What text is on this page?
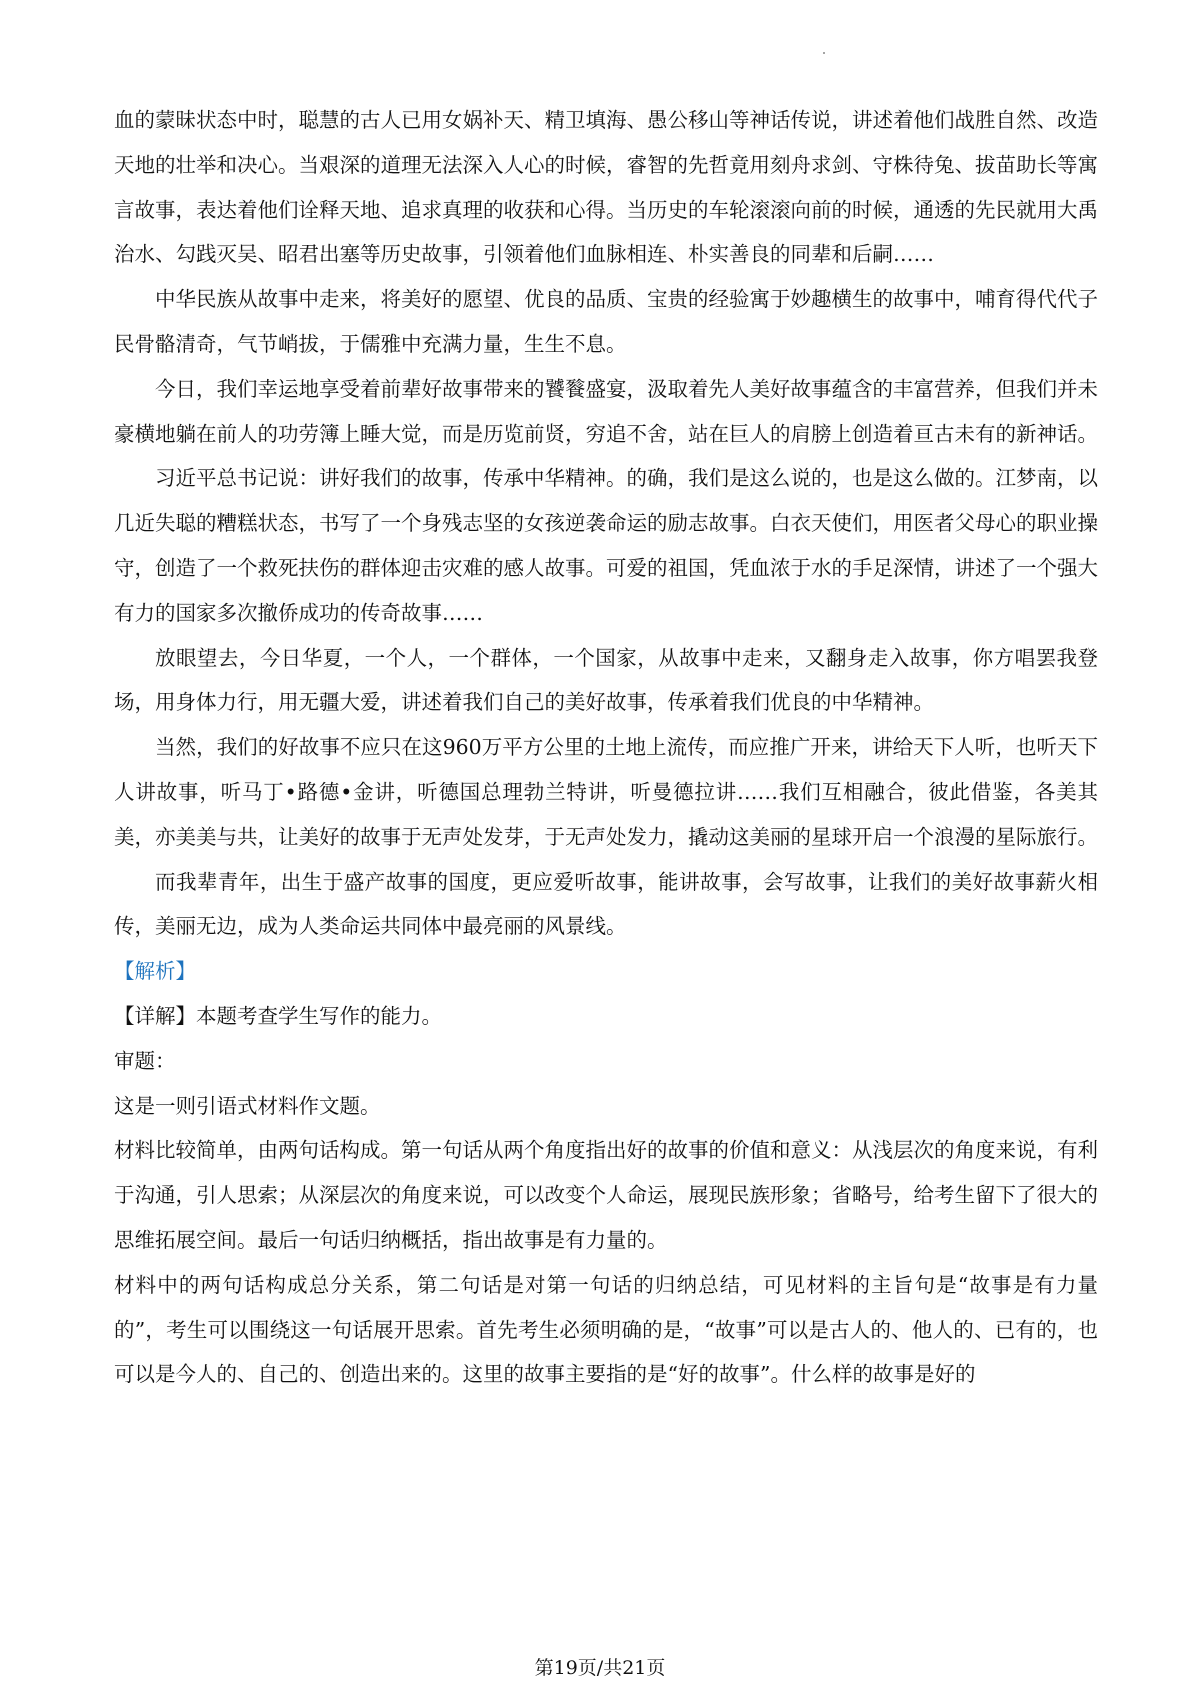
血的蒙昧状态中时，聪慧的古人已用女娲补天、精卫填海、愚公移山等神话传说，讲述着他们战胜自然、改造天地的壮举和决心。当艰深的道理无法深入人心的时候，睿智的先哲竟用刻舟求剑、守株待兔、拔苗助长等寓言故事，表达着他们诠释天地、追求真理的收获和心得。当历史的车轮滚滚向前的时候，通透的先民就用大禹治水、勾践灭吴、昭君出塞等历史故事，引领着他们血脉相连、朴实善良的同辈和后嗣……

中华民族从故事中走来，将美好的愿望、优良的品质、宝贵的经验寓于妙趣横生的故事中，哺育得代代子民骨骼清奇，气节峭拔，于儒雅中充满力量，生生不息。

今日，我们幸运地享受着前辈好故事带来的饕餮盛宴，汲取着先人美好故事蕴含的丰富营养，但我们并未豪横地躺在前人的功劳簿上睡大觉，而是历览前贤，穷追不舍，站在巨人的肩膀上创造着亘古未有的新神话。

习近平总书记说：讲好我们的故事，传承中华精神。的确，我们是这么说的，也是这么做的。江梦南，以几近失聪的糟糕状态，书写了一个身残志坚的女孩逆袭命运的励志故事。白衣天使们，用医者父母心的职业操守，创造了一个救死扶伤的群体迎击灾难的感人故事。可爱的祖国，凭血浓于水的手足深情，讲述了一个强大有力的国家多次撤侨成功的传奇故事……

放眼望去，今日华夏，一个人，一个群体，一个国家，从故事中走来，又翻身走入故事，你方唱罢我登场，用身体力行，用无疆大爱，讲述着我们自己的美好故事，传承着我们优良的中华精神。

当然，我们的好故事不应只在这960万平方公里的土地上流传，而应推广开来，讲给天下人听，也听天下人讲故事，听马丁•路德•金讲，听德国总理勃兰特讲，听曼德拉讲……我们互相融合，彼此借鉴，各美其美，亦美美与共，让美好的故事于无声处发芽，于无声处发力，撬动这美丽的星球开启一个浪漫的星际旅行。

而我辈青年，出生于盛产故事的国度，更应爱听故事，能讲故事，会写故事，让我们的美好故事薪火相传，美丽无边，成为人类命运共同体中最亮丽的风景线。

【解析】

【详解】本题考查学生写作的能力。

审题：

这是一则引语式材料作文题。

材料比较简单，由两句话构成。第一句话从两个角度指出好的故事的价值和意义：从浅层次的角度来说，有利于沟通，引人思索；从深层次的角度来说，可以改变个人命运，展现民族形象；省略号，给考生留下了很大的思维拓展空间。最后一句话归纳概括，指出故事是有力量的。

材料中的两句话构成总分关系，第二句话是对第一句话的归纳总结，可见材料的主旨句是“故事是有力量的”，考生可以围绕这一句话展开思索。首先考生必须明确的是，“故事”可以是古人的、他人的、已有的，也可以是今人的、自己的、创造出来的。这里的故事主要指的是“好的故事”。什么样的故事是好的

第19页/共21页
